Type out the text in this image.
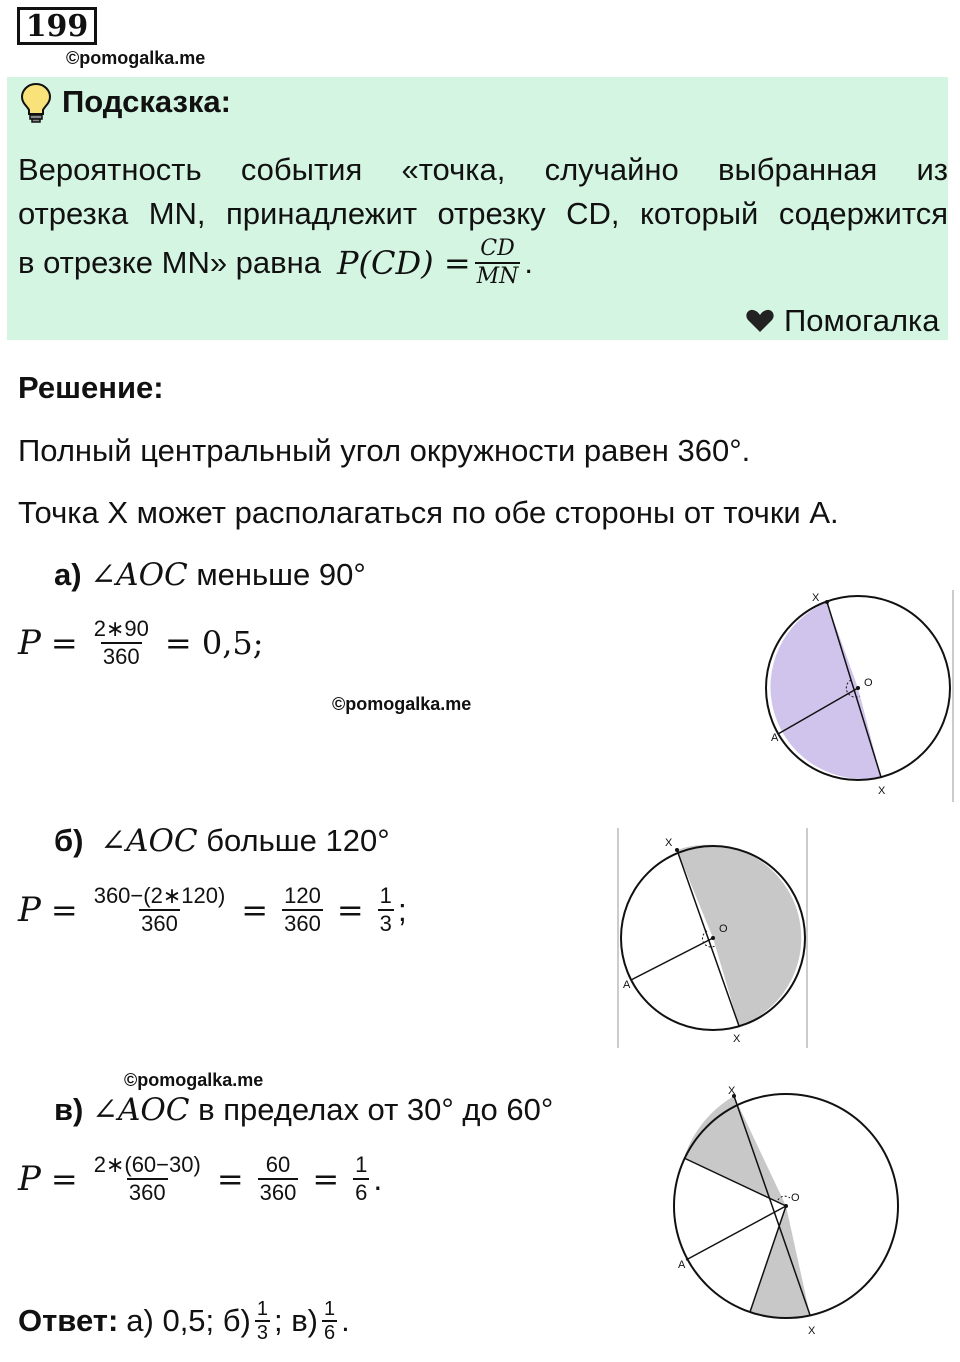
199
©pomogalka.me
Подсказка:
Вероятность события «точка, случайно выбранная из
отрезка MN, принадлежит отрезку CD, который содержится
в отрезке MN» равна $P(CD) = \frac{CD}{MN}$ .
Помогалка
Решение:
Полный центральный угол окружности равен 360°.
Точка X может располагаться по обе стороны от точки A.
а) ∠AOC меньше 90°
$P = \frac{2∗90}{360} = 0,5$;
©pomogalka.me
X
O
A
X
б) ∠AOC больше 120°
$P = \frac{360-(2∗120)}{360} = \frac{120}{360} = \frac{1}{3}$ ;
X
O
A
X
©pomogalka.me
в) ∠AOC в пределах от 30° до 60°
$P = \frac{2∗(60-30)}{360} = \frac{60}{360} = \frac{1}{6}$ .
X
O
A
X
Ответ: а) 0,5; $б) \frac{1}{3}$ ; $в) \frac{1}{6}$ .
